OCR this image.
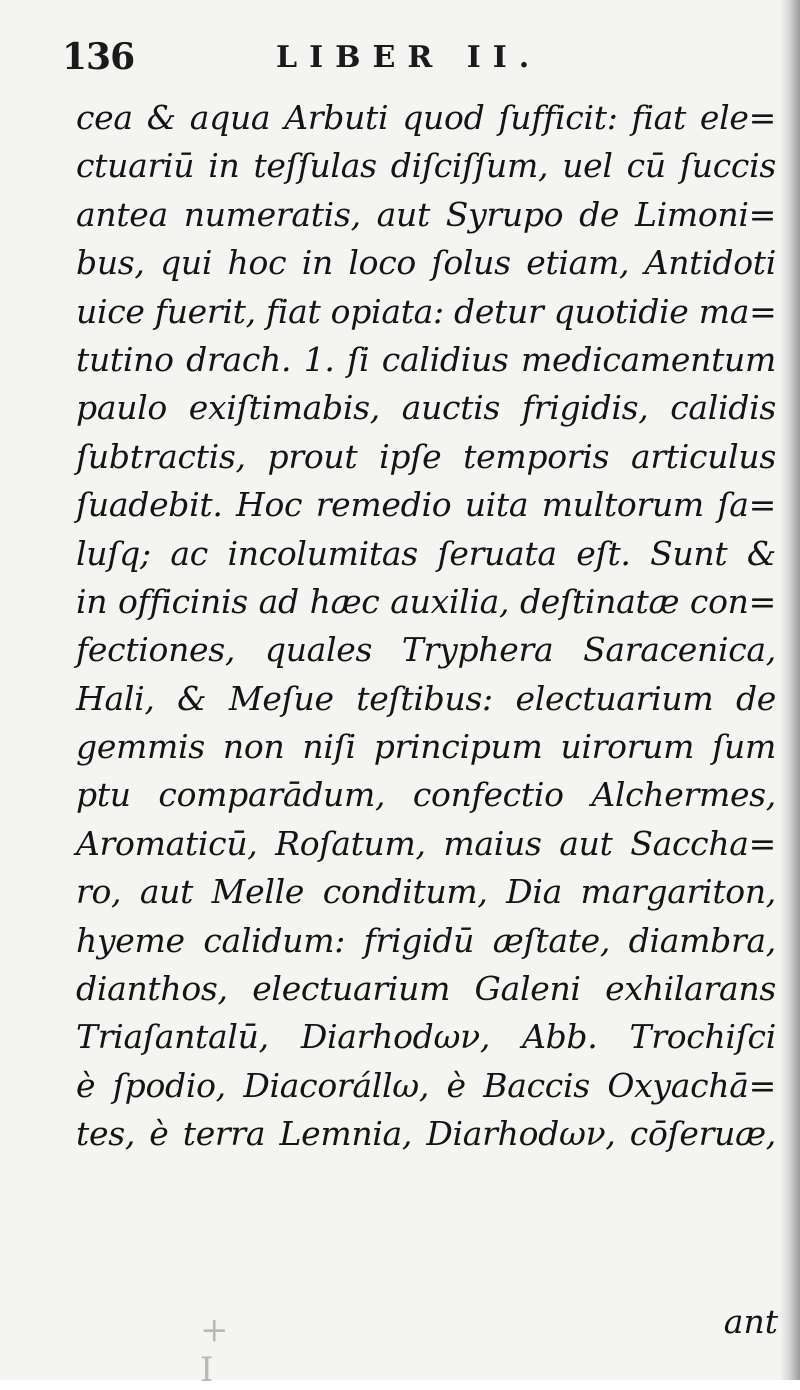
136	LIBER II.
cea & aqua Arbuti quod ſufficit: fiat ele=
ctuariū in teſſulas diſciſſum, uel cū ſuccis
antea numeratis, aut Syrupo de Limoni=
bus, qui hoc in loco ſolus etiam, Antidoti
uice fuerit, fiat opiata: detur quotidie ma=
tutino drach. 1. ſi calidius medicamentum
paulo exiſtimabis, auctis frigidis, calidis
ſubtractis, prout ipſe temporis articulus
ſuadebit. Hoc remedio uita multorum ſa=
luſq; ac incolumitas ſeruata eſt. Sunt &
in officinis ad hæc auxilia, deſtinatæ con=
fectiones, quales Tryphera Saracenica,
Hali, & Meſue teſtibus: electuarium de
gemmis non niſi principum uirorum ſum
ptu comparādum, confectio Alchermes,
Aromaticū, Roſatum, maius aut Saccha=
ro, aut Melle conditum, Dia margariton,
hyeme calidum: frigidū æſtate, diambra,
dianthos, electuarium Galeni exhilarans
Triaſantalū, Diarhodων, Abb. Trochiſci
è ſpodio, Diacorállω, è Baccis Oxyachā=
tes, è terra Lemnia, Diarhodων, cōſeruæ,
+ I
ant
